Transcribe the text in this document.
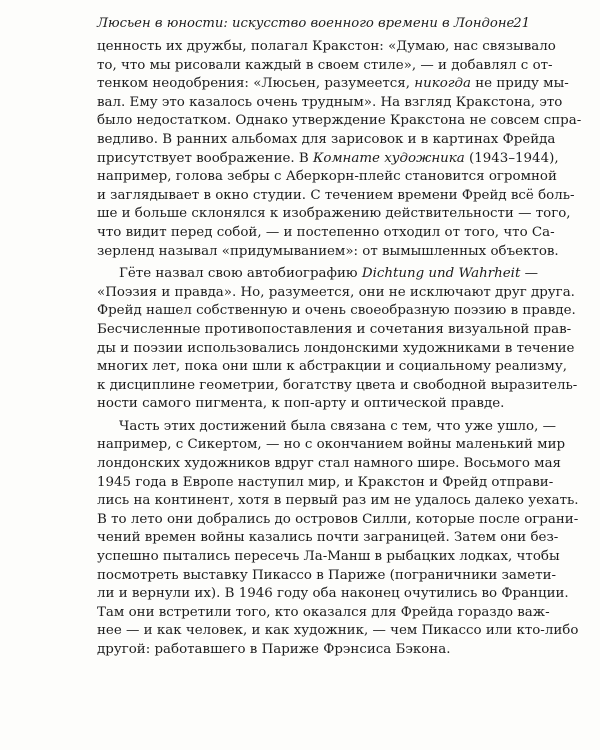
Люсьен в юности: искусство военного времени в Лондоне
21
ценность их дружбы, полагал Кракстон: «Думаю, нас связывало
то, что мы рисовали каждый в своем стиле», — и добавлял с от-
тенком неодобрения: «Люсьен, разумеется, никогда не приду мы-
вал. Ему это казалось очень трудным». На взгляд Кракстона, это
было недостатком. Однако утверждение Кракстона не совсем спра-
ведливо. В ранних альбомах для зарисовок и в картинах Фрейда
присутствует воображение. В Комнате художника (1943–1944),
например, голова зебры с Аберкорн-плейс становится огромной
и заглядывает в окно студии. С течением времени Фрейд всё боль-
ше и больше склонялся к изображению действительности — того,
что видит перед собой, — и постепенно отходил от того, что Са-
зерленд называл «придумыванием»: от вымышленных объектов.
Гёте назвал свою автобиографию Dichtung und Wahrheit —
«Поэзия и правда». Но, разумеется, они не исключают друг друга.
Фрейд нашел собственную и очень своеобразную поэзию в правде.
Бесчисленные противопоставления и сочетания визуальной прав-
ды и поэзии использовались лондонскими художниками в течение
многих лет, пока они шли к абстракции и социальному реализму,
к дисциплине геометрии, богатству цвета и свободной выразитель-
ности самого пигмента, к поп-арту и оптической правде.
Часть этих достижений была связана с тем, что уже ушло, —
например, с Сикертом, — но с окончанием войны маленький мир
лондонских художников вдруг стал намного шире. Восьмого мая
1945 года в Европе наступил мир, и Кракстон и Фрейд отправи-
лись на континент, хотя в первый раз им не удалось далеко уехать.
В то лето они добрались до островов Силли, которые после ограни-
чений времен войны казались почти заграницей. Затем они без-
успешно пытались пересечь Ла-Манш в рыбацких лодках, чтобы
посмотреть выставку Пикассо в Париже (пограничники замети-
ли и вернули их). В 1946 году оба наконец очутились во Франции.
Там они встретили того, кто оказался для Фрейда гораздо важ-
нее — и как человек, и как художник, — чем Пикассо или кто-либо
другой: работавшего в Париже Фрэнсиса Бэкона.
